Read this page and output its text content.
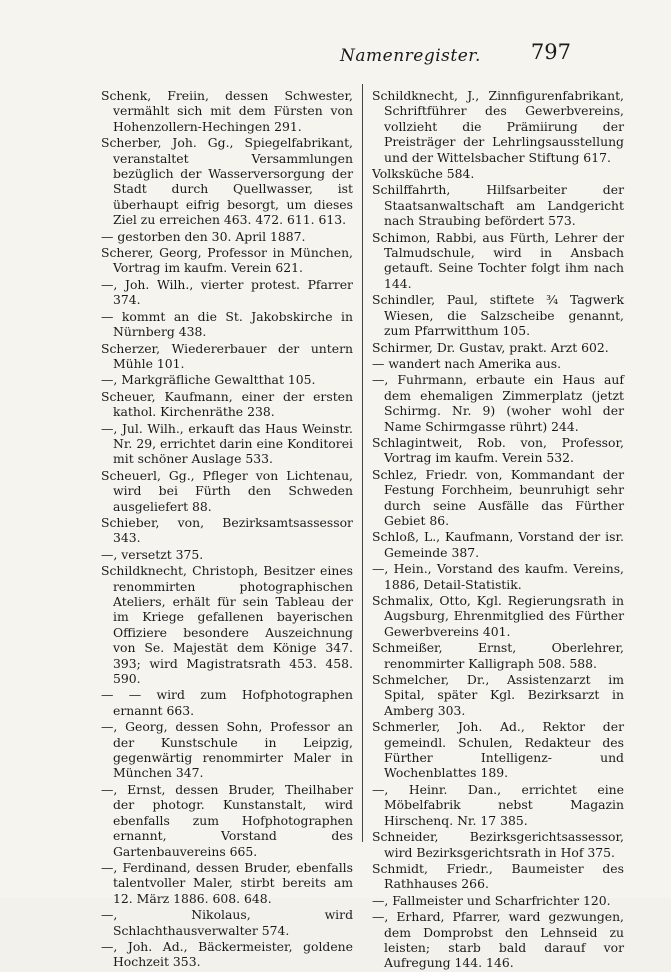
Namenregister. 797

Schenk, Freiin, dessen Schwester, vermählt sich mit dem Fürsten von Hohenzollern-Hechingen 291.

Scherber, Joh. Gg., Spiegelfabrikant, veranstaltet Versammlungen bezüglich der Wasserversorgung der Stadt durch Quellwasser, ist überhaupt eifrig besorgt, um dieses Ziel zu erreichen 463. 472. 611. 613.

— gestorben den 30. April 1887.

Scherer, Georg, Professor in München, Vortrag im kaufm. Verein 621.

—, Joh. Wilh., vierter protest. Pfarrer 374.

— kommt an die St. Jakobskirche in Nürnberg 438.

Scherzer, Wiedererbauer der untern Mühle 101.

—, Markgräfliche Gewaltthat 105.

Scheuer, Kaufmann, einer der ersten kathol. Kirchenräthe 238.

—, Jul. Wilh., erkauft das Haus Weinstr. Nr. 29, errichtet darin eine Konditorei mit schöner Auslage 533.

Scheuerl, Gg., Pfleger von Lichtenau, wird bei Fürth den Schweden ausgeliefert 88.

Schieber, von, Bezirksamtsassessor 343.

—, versetzt 375.

Schildknecht, Christoph, Besitzer eines renommirten photographischen Ateliers, erhält für sein Tableau der im Kriege gefallenen bayerischen Offiziere besondere Auszeichnung von Se. Majestät dem Könige 347. 393; wird Magistratsrath 453. 458. 590.

— — wird zum Hofphotographen ernannt 663.

—, Georg, dessen Sohn, Professor an der Kunstschule in Leipzig, gegenwärtig renommirter Maler in München 347.

—, Ernst, dessen Bruder, Theilhaber der photogr. Kunstanstalt, wird ebenfalls zum Hofphotographen ernannt, Vorstand des Gartenbauvereins 665.

—, Ferdinand, dessen Bruder, ebenfalls talentvoller Maler, stirbt bereits am 12. März 1886. 608. 648.

—, Nikolaus, wird Schlachthausverwalter 574.

—, Joh. Ad., Bäckermeister, goldene Hochzeit 353.

Schildknecht, J., Zinnfigurenfabrikant, Schriftführer des Gewerbvereins, vollzieht die Prämiirung der Preisträger der Lehrlingsausstellung und der Wittelsbacher Stiftung 617.

Volksküche 584.

Schilffahrth, Hilfsarbeiter der Staatsanwaltschaft am Landgericht nach Straubing befördert 573.

Schimon, Rabbi, aus Fürth, Lehrer der Talmudschule, wird in Ansbach getauft. Seine Tochter folgt ihm nach 144.

Schindler, Paul, stiftete ¾ Tagwerk Wiesen, die Salzscheibe genannt, zum Pfarrwitthum 105.

Schirmer, Dr. Gustav, prakt. Arzt 602.

— wandert nach Amerika aus.

—, Fuhrmann, erbaute ein Haus auf dem ehemaligen Zimmerplatz (jetzt Schirmg. Nr. 9) (woher wohl der Name Schirmgasse rührt) 244.

Schlagintweit, Rob. von, Professor, Vortrag im kaufm. Verein 532.

Schlez, Friedr. von, Kommandant der Festung Forchheim, beunruhigt sehr durch seine Ausfälle das Fürther Gebiet 86.

Schloß, L., Kaufmann, Vorstand der isr. Gemeinde 387.

—, Hein., Vorstand des kaufm. Vereins, 1886, Detail-Statistik.

Schmalix, Otto, Kgl. Regierungsrath in Augsburg, Ehrenmitglied des Fürther Gewerbvereins 401.

Schmeißer, Ernst, Oberlehrer, renommirter Kalligraph 508. 588.

Schmelcher, Dr., Assistenzarzt im Spital, später Kgl. Bezirksarzt in Amberg 303.

Schmerler, Joh. Ad., Rektor der gemeindl. Schulen, Redakteur des Fürther Intelligenz- und Wochenblattes 189.

—, Heinr. Dan., errichtet eine Möbelfabrik nebst Magazin Hirschenq. Nr. 17 385.

Schneider, Bezirksgerichtsassessor, wird Bezirksgerichtsrath in Hof 375.

Schmidt, Friedr., Baumeister des Rathhauses 266.

—, Fallmeister und Scharfrichter 120.

—, Erhard, Pfarrer, ward gezwungen, dem Domprobst den Lehnseid zu leisten; starb bald darauf vor Aufregung 144. 146.
